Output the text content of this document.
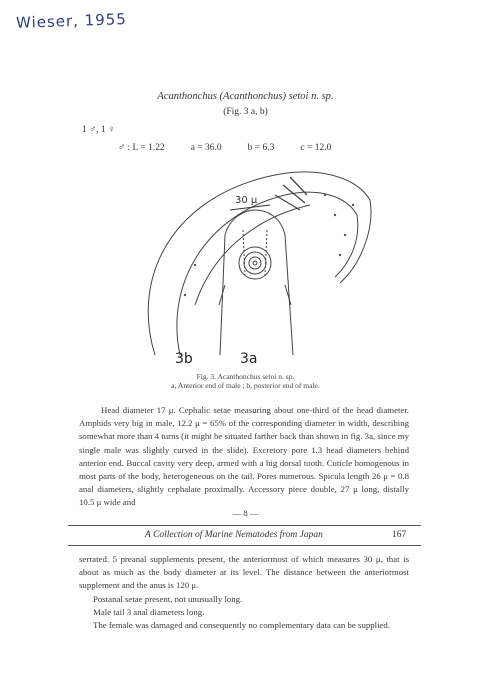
Wieser, 1955
Acanthonchus (Acanthonchus) setoi n. sp.
(Fig. 3 a, b)
1 ♂, 1 ♀
♂ : L = 1.22	a = 36.0	b = 6.3	c = 12.0
30 μ
3b	3a
Fig. 3. Acanthonchus setoi n. sp.
a, Anterior end of male ; b, posterior end of male.
Head diameter 17 μ. Cephalic setae measuring about one-third of the head diameter. Amphids very big in male, 12.2 μ = 65% of the corresponding diameter in width, describing somewhat more than 4 turns (it might be situated farther back than shown in fig. 3a, since my single male was slightly curved in the slide). Excretory pore 1.3 head diameters behind anterior end. Buccal cavity very deep, armed with a big dorsal tooth. Cuticle homogenous in most parts of the body, heterogeneous on the tail. Pores numerous. Spicula length 26 μ = 0.8 anal diameters, slightly cephalate proximally. Accessory piece double, 27 μ long, distally 10.5 μ wide and
— 8 —
A Collection of Marine Nematodes from Japan	167
serrated. 5 preanal supplements present, the anteriormost of which measures 30 μ, that is about as much as the body diameter at its level. The distance between the anteriormost supplement and the anus is 120 μ.
Postanal setae present, not unusually long.
Male tail 3 anal diameters long.
The female was damaged and consequently no complementary data can be supplied.
